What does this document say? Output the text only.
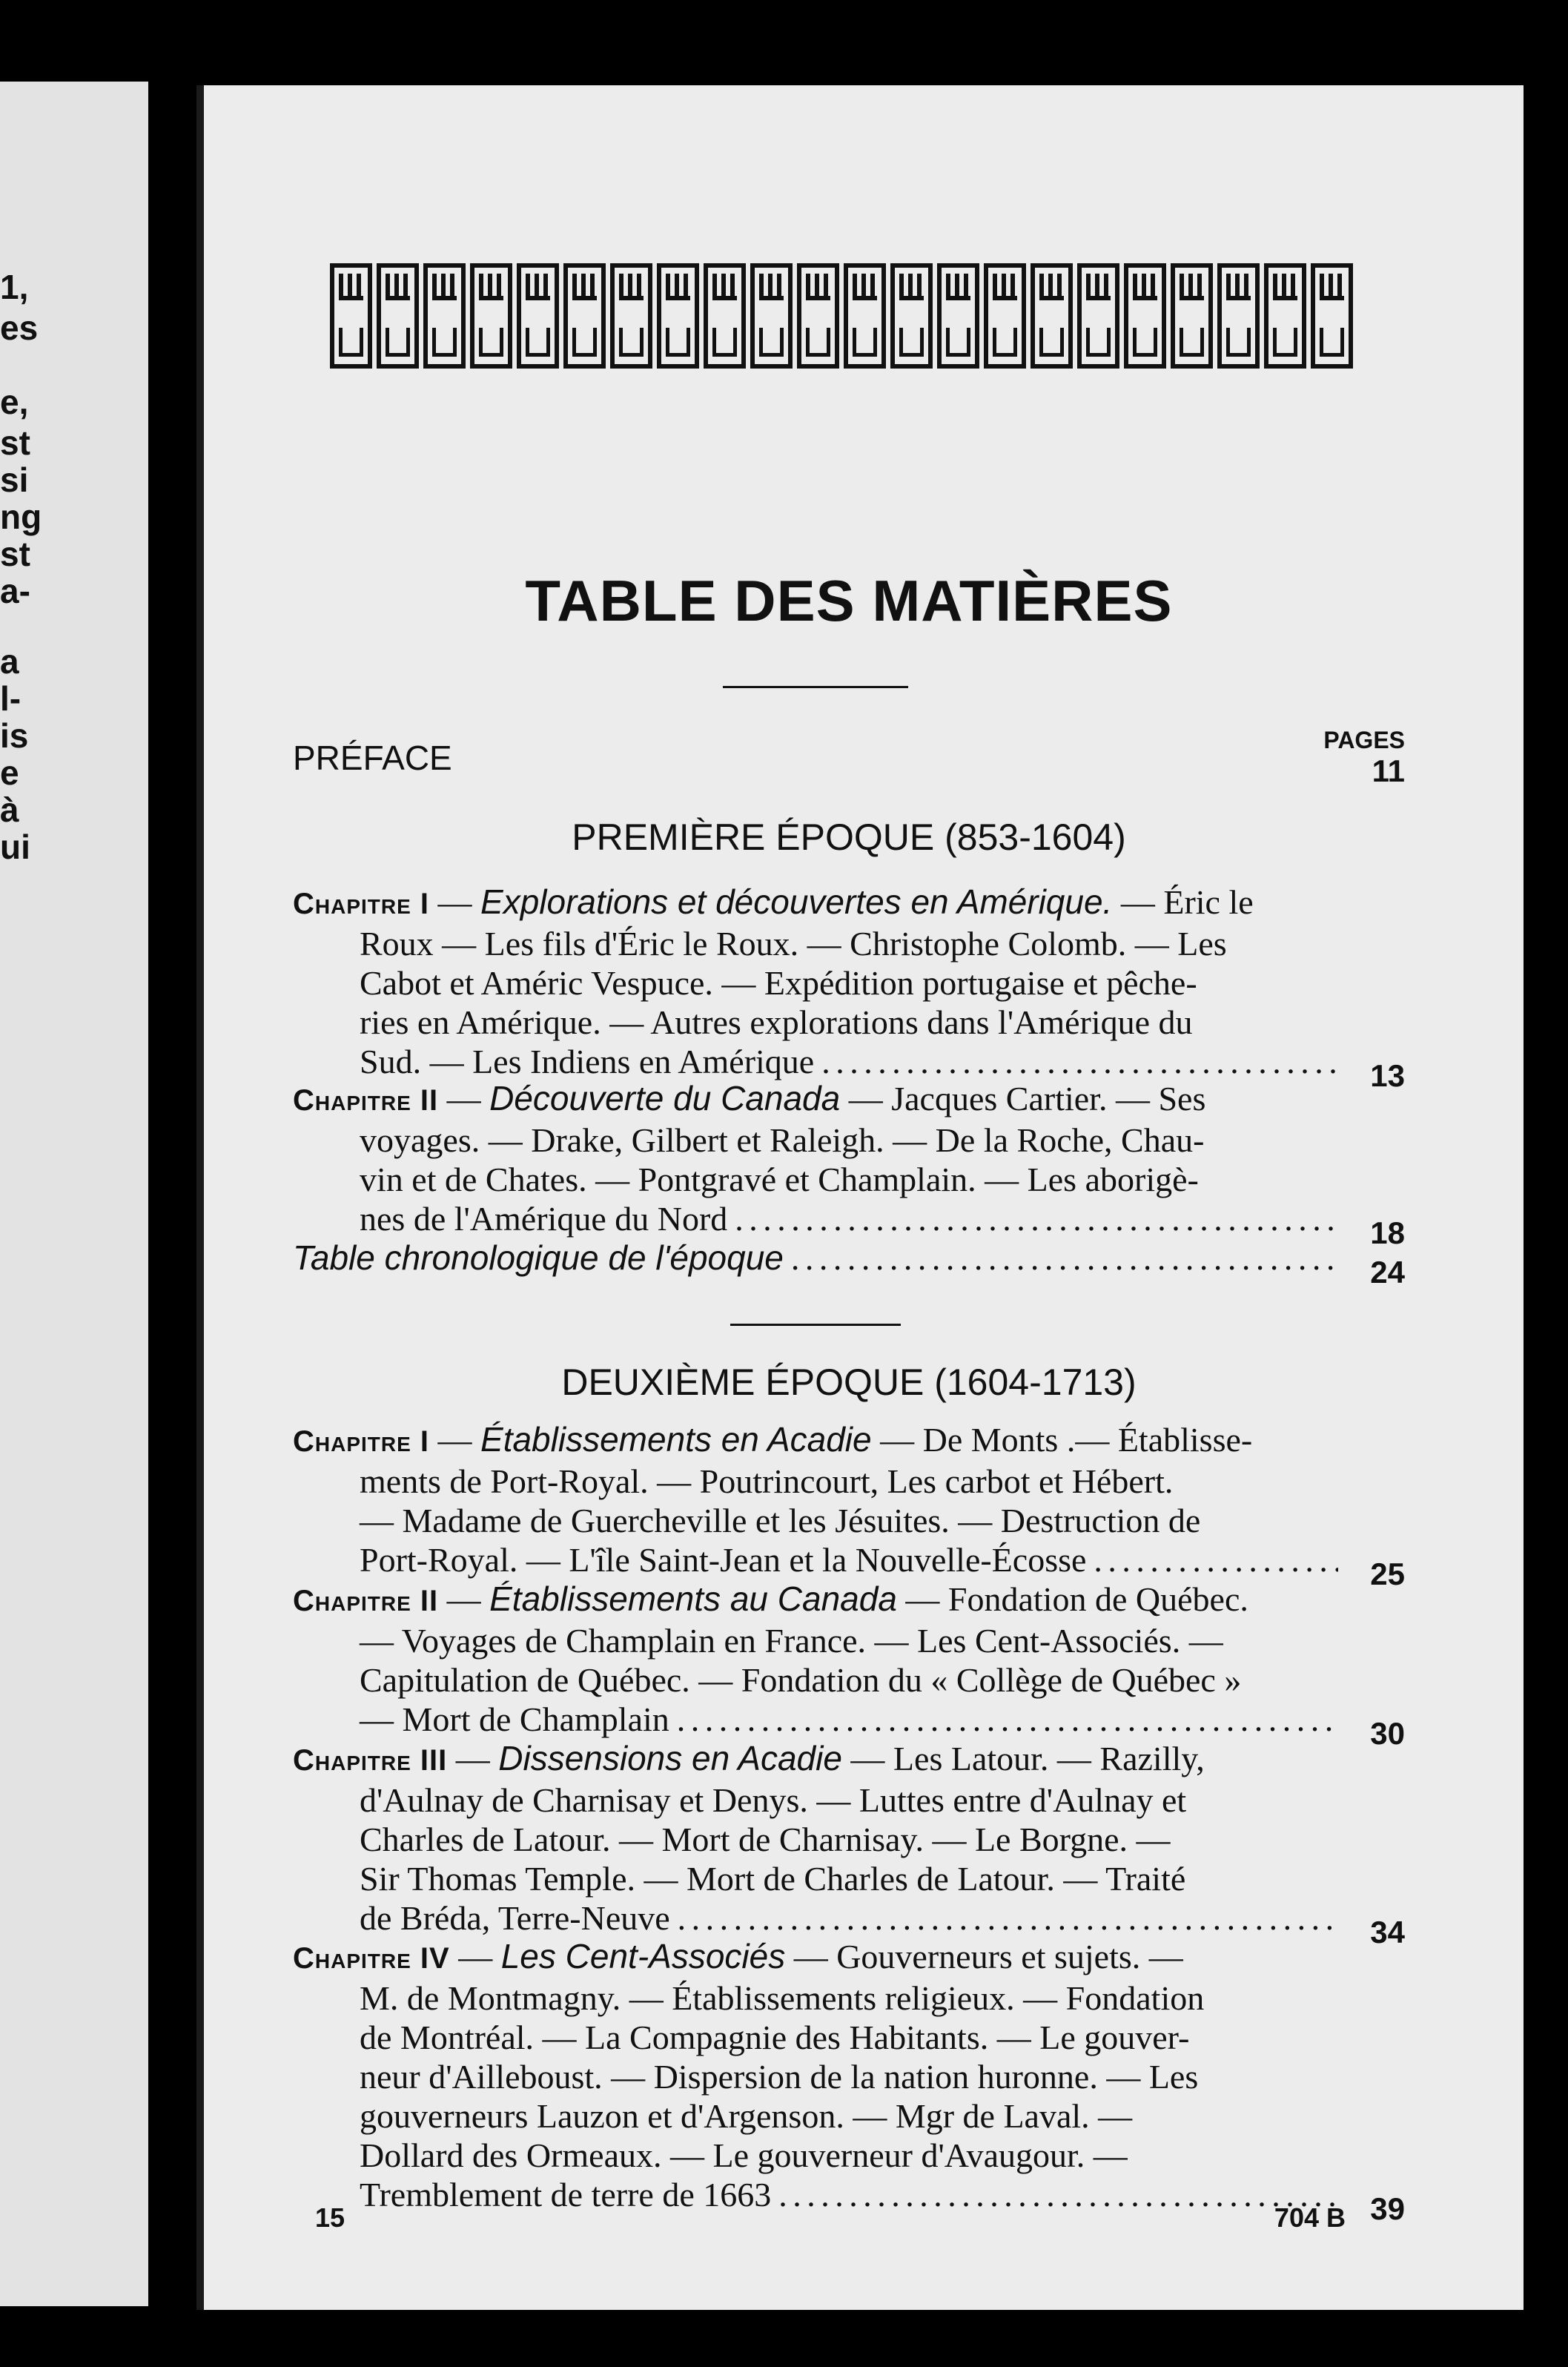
1,
es
e,
st
si
ng
st
a-
a
l-
is
e
à
ui
TABLE DES MATIÈRES
PAGES
PRÉFACE	11
PREMIÈRE ÉPOQUE (853-1604)
Chapitre I — Explorations et découvertes en Amérique. — Éric le
Roux — Les fils d'Éric le Roux. — Christophe Colomb. — Les
Cabot et Améric Vespuce. — Expédition portugaise et pêche-
ries en Amérique. — Autres explorations dans l'Amérique du
Sud. — Les Indiens en Amérique . . .	13
Chapitre II — Découverte du Canada — Jacques Cartier. — Ses
voyages. — Drake, Gilbert et Raleigh. — De la Roche, Chau-
vin et de Chates. — Pontgravé et Champlain. — Les aborigè-
nes de l'Amérique du Nord . . .	18
Table chronologique de l'époque . . .	24
DEUXIÈME ÉPOQUE (1604-1713)
Chapitre I — Établissements en Acadie — De Monts .— Établisse-
ments de Port-Royal. — Poutrincourt, Les carbot et Hébert.
— Madame de Guercheville et les Jésuites. — Destruction de
Port-Royal. — L'île Saint-Jean et la Nouvelle-Écosse . . .	25
Chapitre II — Établissements au Canada — Fondation de Québec.
— Voyages de Champlain en France. — Les Cent-Associés. —
Capitulation de Québec. — Fondation du « Collège de Québec »
— Mort de Champlain . . .	30
Chapitre III — Dissensions en Acadie — Les Latour. — Razilly,
d'Aulnay de Charnisay et Denys. — Luttes entre d'Aulnay et
Charles de Latour. — Mort de Charnisay. — Le Borgne. —
Sir Thomas Temple. — Mort de Charles de Latour. — Traité
de Bréda, Terre-Neuve . . .	34
Chapitre IV — Les Cent-Associés — Gouverneurs et sujets. —
M. de Montmagny. — Établissements religieux. — Fondation
de Montréal. — La Compagnie des Habitants. — Le gouver-
neur d'Ailleboust. — Dispersion de la nation huronne. — Les
gouverneurs Lauzon et d'Argenson. — Mgr de Laval. —
Dollard des Ormeaux. — Le gouverneur d'Avaugour. —
Tremblement de terre de 1663 . . .	39
15	704 B
